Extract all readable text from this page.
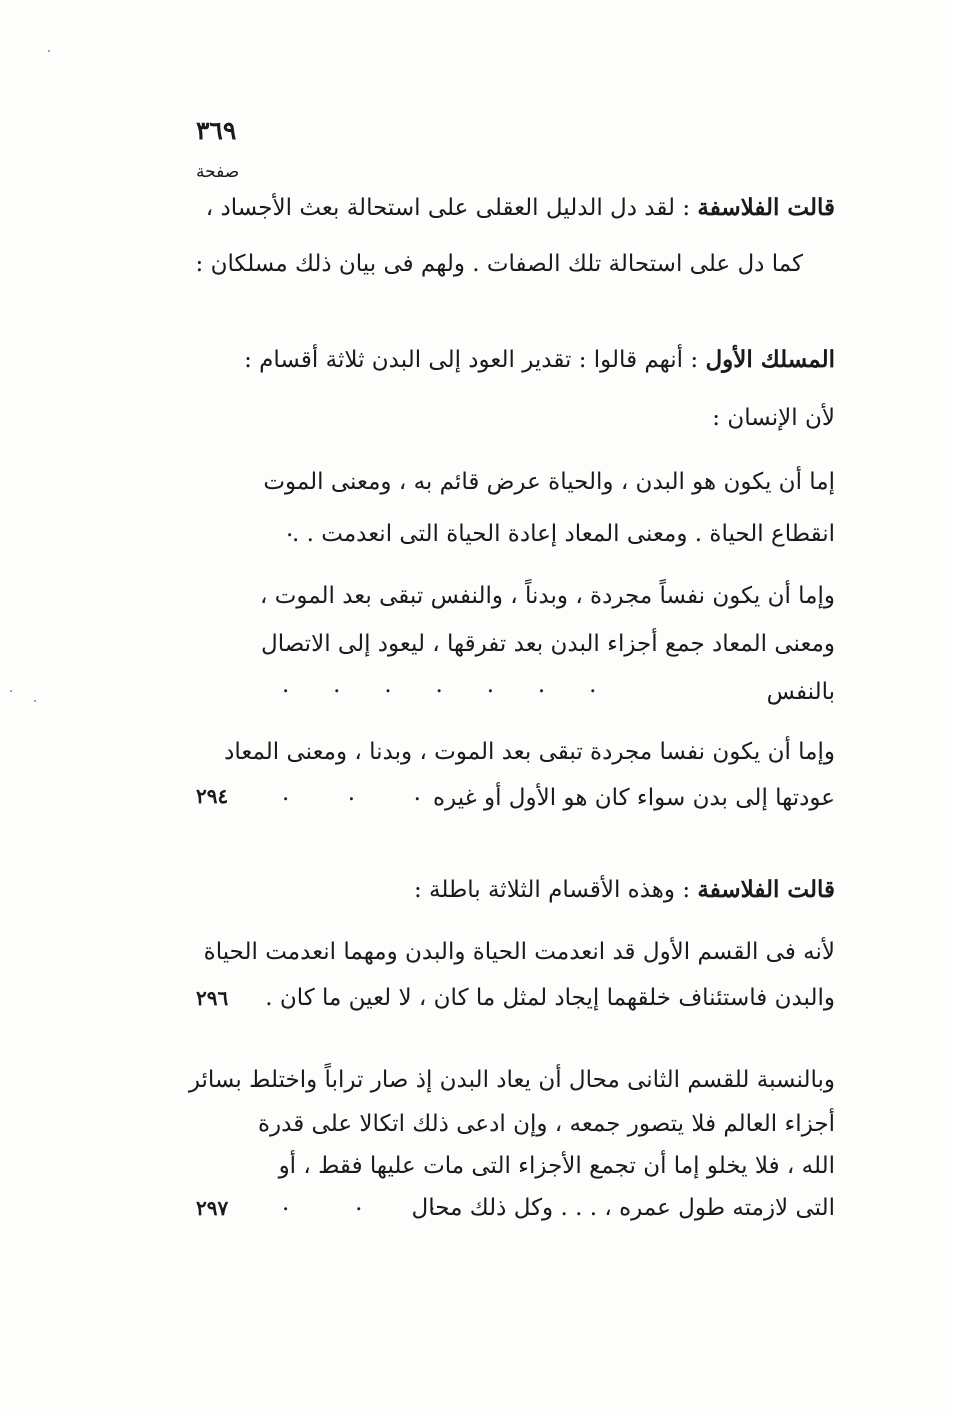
٣٦٩
صفحة
قالت الفلاسفة : لقد دل الدليل العقلى على استحالة بعث الأجساد ،
كما دل على استحالة تلك الصفات . ولهم فى بيان ذلك مسلكان :
المسلك الأول : أنهم قالوا : تقدير العود إلى البدن ثلاثة أقسام :
لأن الإنسان :
إما أن يكون هو البدن ، والحياة عرض قائم به ، ومعنى الموت
انقطاع الحياة . ومعنى المعاد إعادة الحياة التى انعدمت . .
.
وإما أن يكون نفساً مجردة ، وبدناً ، والنفس تبقى بعد الموت ،
ومعنى المعاد جمع أجزاء البدن بعد تفرقها ، ليعود إلى الاتصال
بالنفس
.      .      .      .      .      .      .
وإما أن يكون نفسا مجردة تبقى بعد الموت ، وبدنا ، ومعنى المعاد
عودتها إلى بدن سواء كان هو الأول أو غيره
.        .        .
٢٩٤
قالت الفلاسفة : وهذه الأقسام الثلاثة باطلة :
لأنه فى القسم الأول قد انعدمت الحياة والبدن ومهما انعدمت الحياة
والبدن فاستئناف خلقهما إيجاد لمثل ما كان ، لا لعين ما كان .
٢٩٦
وبالنسبة للقسم الثانى محال أن يعاد البدن إذ صار تراباً واختلط بسائر
أجزاء العالم فلا يتصور جمعه ، وإن ادعى ذلك اتكالا على قدرة
الله ، فلا يخلو إما أن تجمع الأجزاء التى مات عليها فقط ، أو
التى لازمته طول عمره ، . . . وكل ذلك محال
.         .         .
٢٩٧
